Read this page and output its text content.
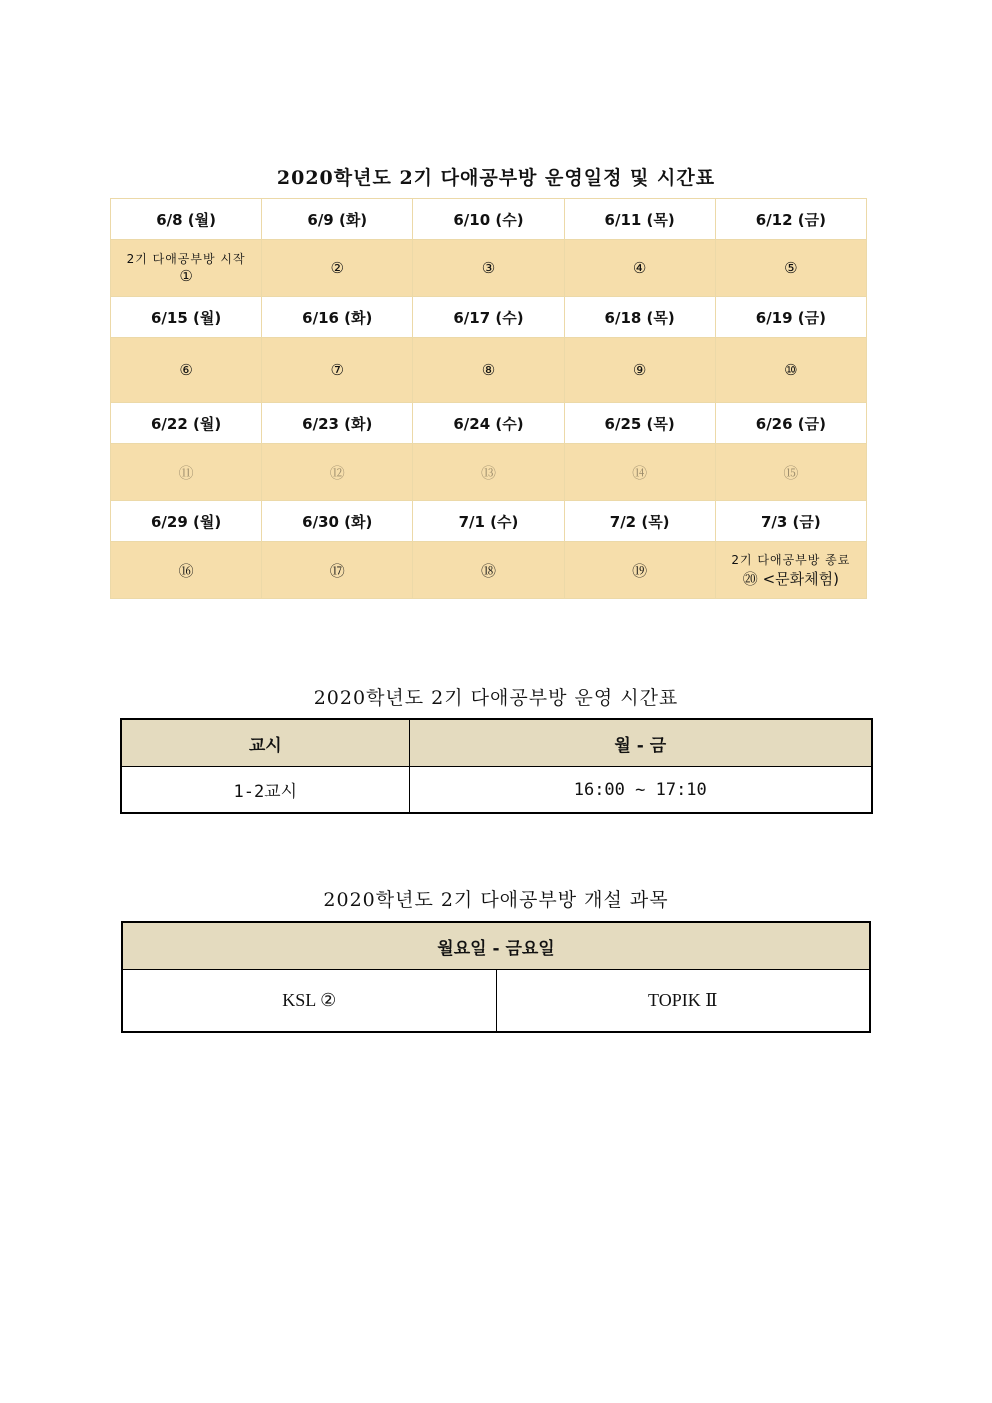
2020학년도 2기 다애공부방 운영일정 및 시간표
6/8 (월)	6/9 (화)	6/10 (수)	6/11 (목)	6/12 (금)

2기 다애공부방 시작
①	②	③	④	⑤
6/15 (월)	6/16 (화)	6/17 (수)	6/18 (목)	6/19 (금)
⑥	⑦	⑧	⑨	⑩
6/22 (월)	6/23 (화)	6/24 (수)	6/25 (목)	6/26 (금)
⑪	⑫	⑬	⑭	⑮
6/29 (월)	6/30 (화)	7/1 (수)	7/2 (목)	7/3 (금)
⑯	⑰	⑱	⑲	2기 다애공부방 종료
⑳ <문화체험)
2020학년도 2기 다애공부방 운영 시간표
교시	월 - 금
1-2교시	16:00 ~ 17:10
2020학년도 2기 다애공부방 개설 과목
월요일 - 금요일
KSL ②	TOPIK Ⅱ
